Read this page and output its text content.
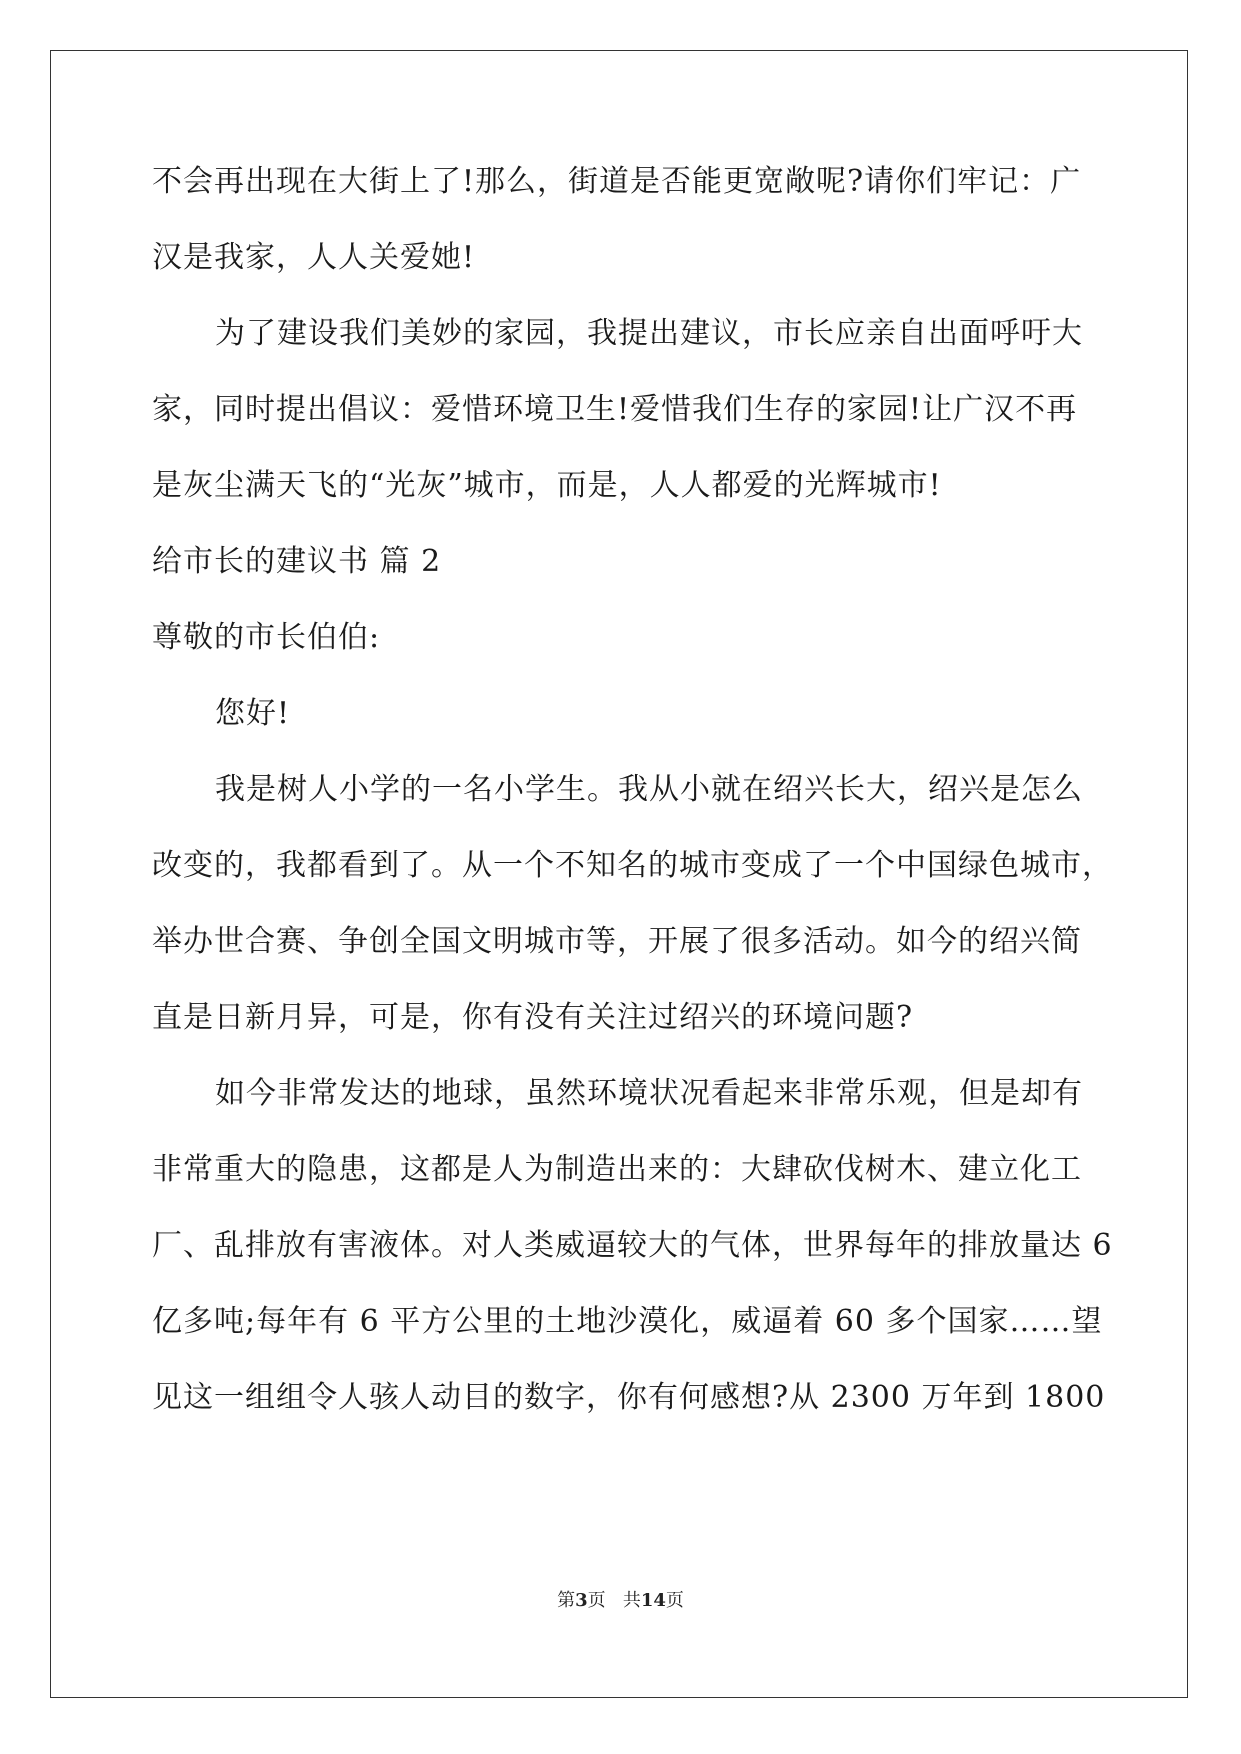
不会再出现在大街上了!那么，街道是否能更宽敞呢?请你们牢记：广
汉是我家，人人关爱她!
为了建设我们美妙的家园，我提出建议，市长应亲自出面呼吁大
家，同时提出倡议：爱惜环境卫生!爱惜我们生存的家园!让广汉不再
是灰尘满天飞的“光灰”城市，而是，人人都爱的光辉城市!
给市长的建议书 篇 2
尊敬的市长伯伯:
您好!
我是树人小学的一名小学生。我从小就在绍兴长大，绍兴是怎么
改变的，我都看到了。从一个不知名的城市变成了一个中国绿色城市，
举办世合赛、争创全国文明城市等，开展了很多活动。如今的绍兴简
直是日新月异，可是，你有没有关注过绍兴的环境问题?
如今非常发达的地球，虽然环境状况看起来非常乐观，但是却有
非常重大的隐患，这都是人为制造出来的：大肆砍伐树木、建立化工
厂、乱排放有害液体。对人类威逼较大的气体，世界每年的排放量达 6
亿多吨;每年有 6 平方公里的土地沙漠化，威逼着 60 多个国家……望
见这一组组令人骇人动目的数字，你有何感想?从 2300 万年到 1800
第3页 共14页
